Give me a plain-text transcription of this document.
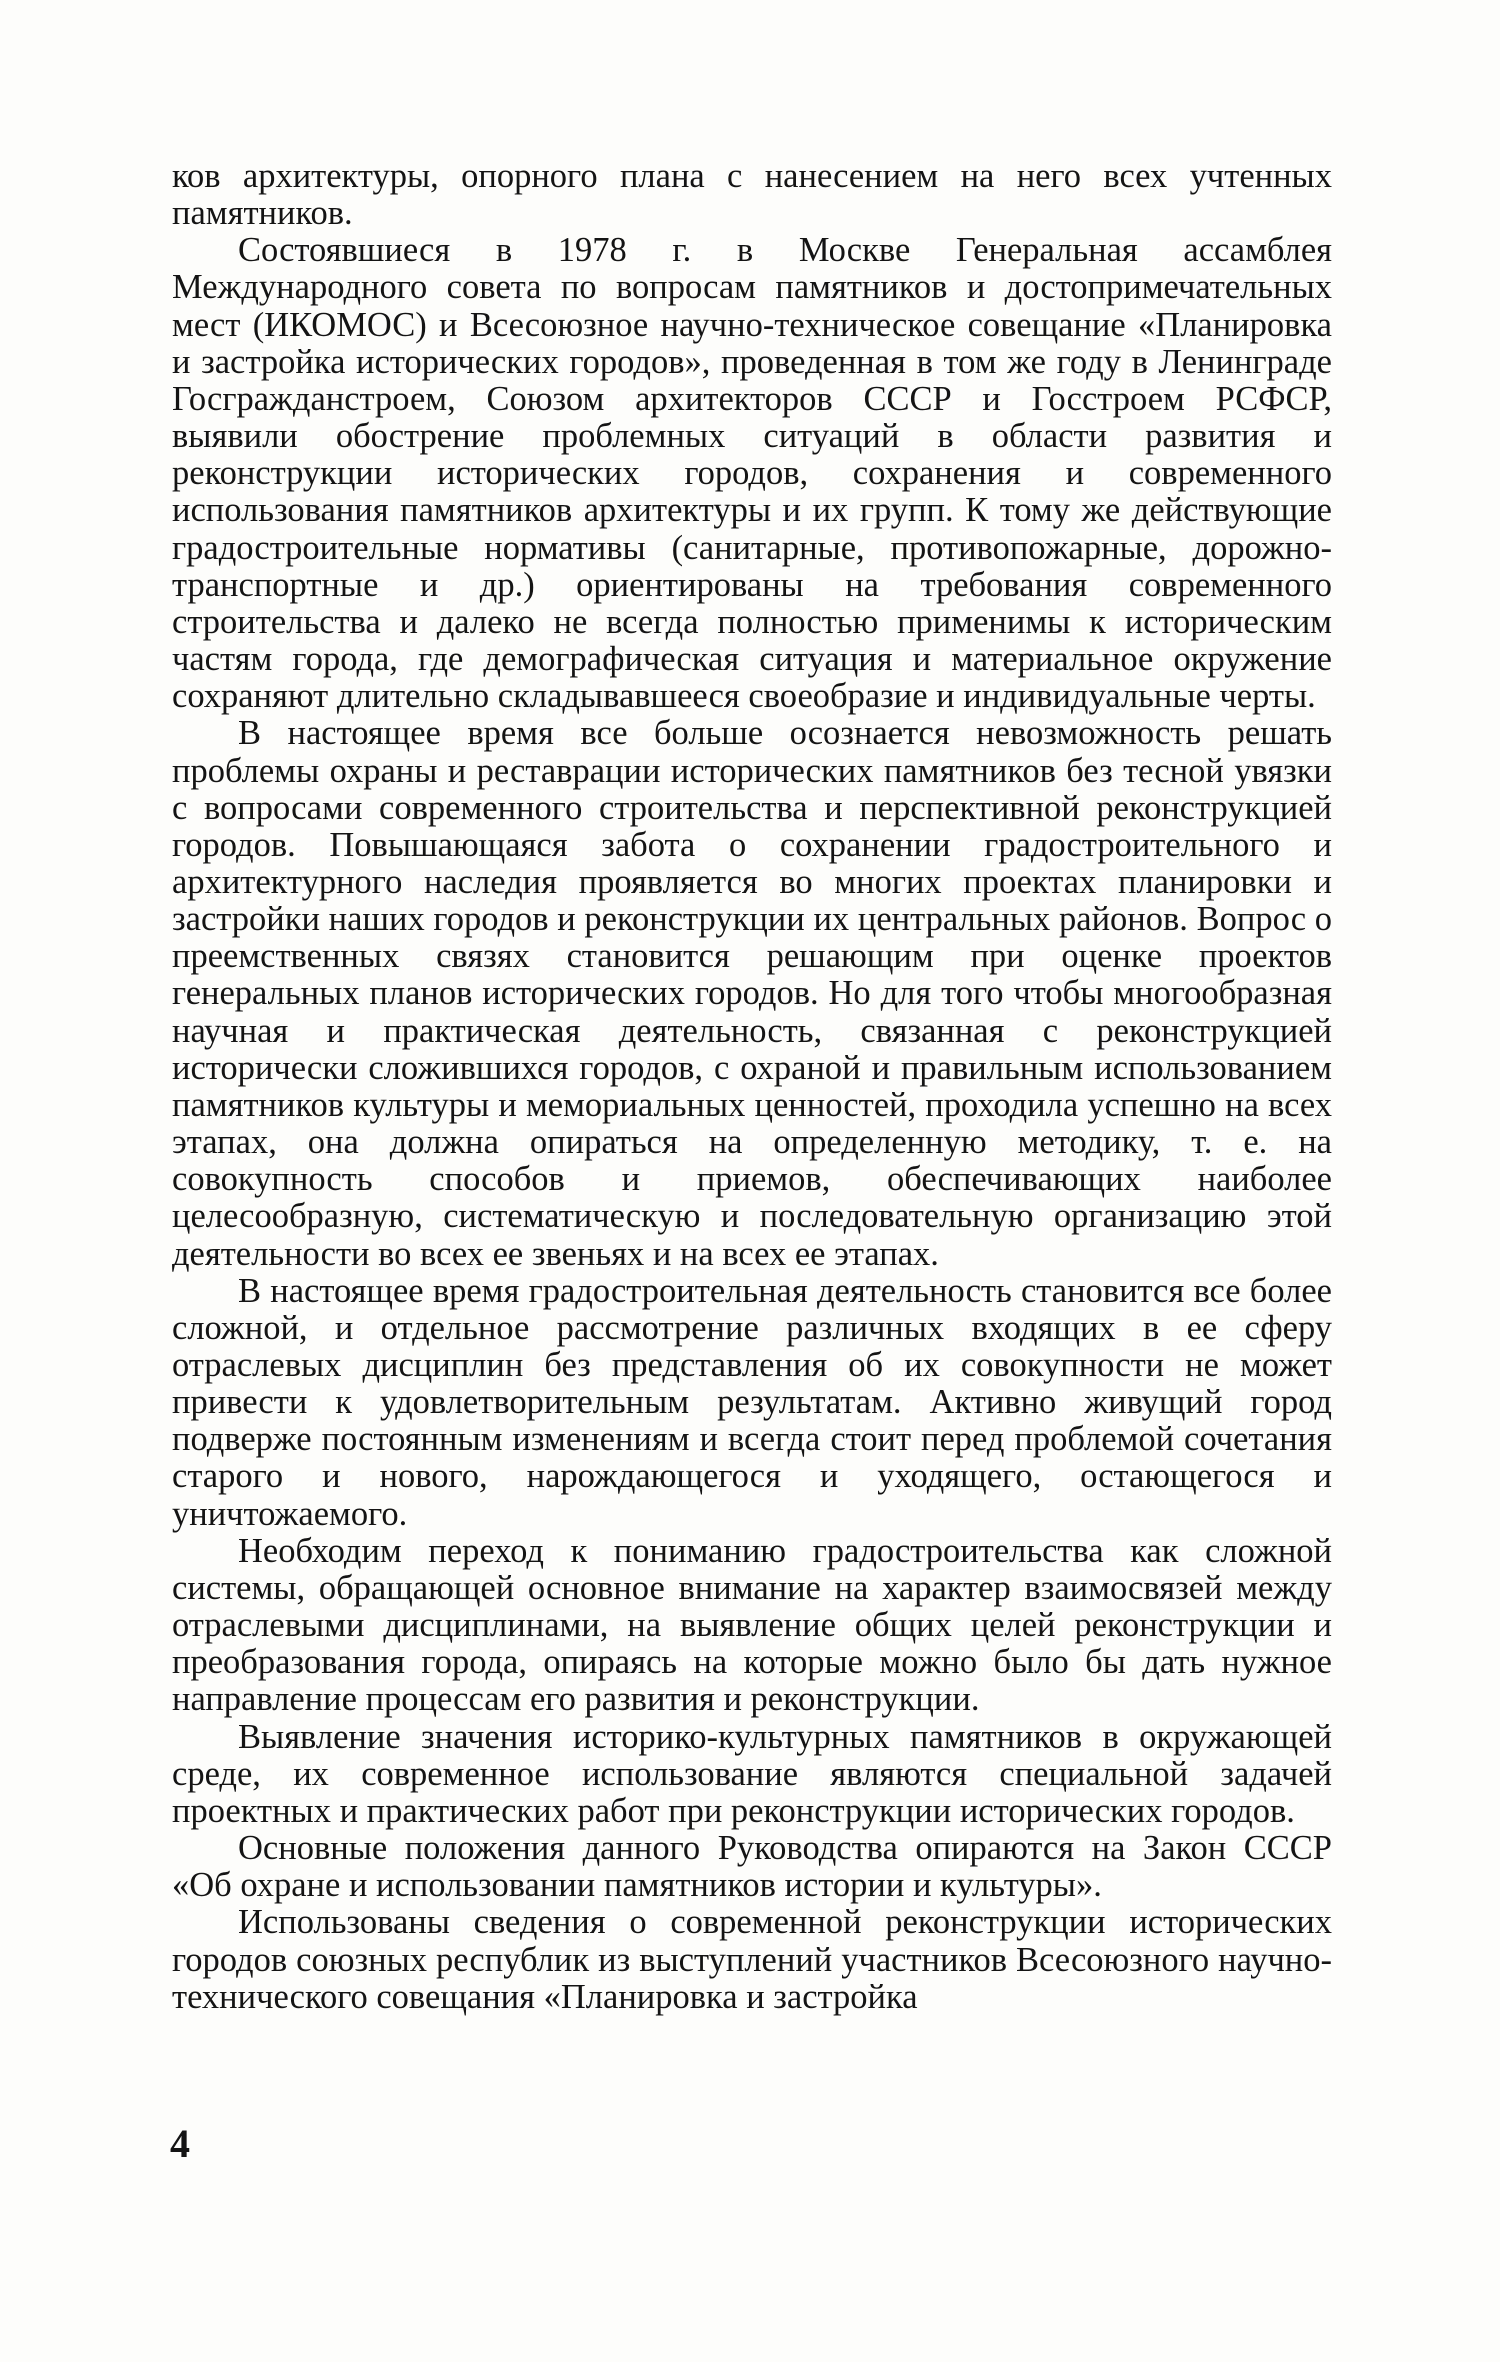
ков архитектуры, опорного плана с нанесением на него всех учтенных памятников.

Состоявшиеся в 1978 г. в Москве Генеральная ассамблея Международного совета по вопросам памятников и достопримечательных мест (ИКОМОС) и Всесоюзное научно-техническое совещание «Планировка и застройка исторических городов», проведенная в том же году в Ленинграде Госгражданстроем, Союзом архитекторов СССР и Госстроем РСФСР, выявили обострение проблемных ситуаций в области развития и реконструкции исторических городов, сохранения и современного использования памятников архитектуры и их групп. К тому же действующие градостроительные нормативы (санитарные, противопожарные, дорожно-транспортные и др.) ориентированы на требования современного строительства и далеко не всегда полностью применимы к историческим частям города, где демографическая ситуация и материальное окружение сохраняют длительно складывавшееся своеобразие и индивидуальные черты.

В настоящее время все больше осознается невозможность решать проблемы охраны и реставрации исторических памятников без тесной увязки с вопросами современного строительства и перспективной реконструкцией городов. Повышающаяся забота о сохранении градостроительного и архитектурного наследия проявляется во многих проектах планировки и застройки наших городов и реконструкции их центральных районов. Вопрос о преемственных связях становится решающим при оценке проектов генеральных планов исторических городов. Но для того чтобы многообразная научная и практическая деятельность, связанная с реконструкцией исторически сложившихся городов, с охраной и правильным использованием памятников культуры и мемориальных ценностей, проходила успешно на всех этапах, она должна опираться на определенную методику, т. е. на совокупность способов и приемов, обеспечивающих наиболее целесообразную, систематическую и последовательную организацию этой деятельности во всех ее звеньях и на всех ее этапах.

В настоящее время градостроительная деятельность становится все более сложной, и отдельное рассмотрение различных входящих в ее сферу отраслевых дисциплин без представления об их совокупности не может привести к удовлетворительным результатам. Активно живущий город подверже постоянным изменениям и всегда стоит перед проблемой сочетания старого и нового, нарождающегося и уходящего, остающегося и уничтожаемого.

Необходим переход к пониманию градостроительства как сложной системы, обращающей основное внимание на характер взаимосвязей между отраслевыми дисциплинами, на выявление общих целей реконструкции и преобразования города, опираясь на которые можно было бы дать нужное направление процессам его развития и реконструкции.

Выявление значения историко-культурных памятников в окружающей среде, их современное использование являются специальной задачей проектных и практических работ при реконструкции исторических городов.

Основные положения данного Руководства опираются на Закон СССР «Об охране и использовании памятников истории и культуры».

Использованы сведения о современной реконструкции исторических городов союзных республик из выступлений участников Всесоюзного научно-технического совещания «Планировка и застройка

4
